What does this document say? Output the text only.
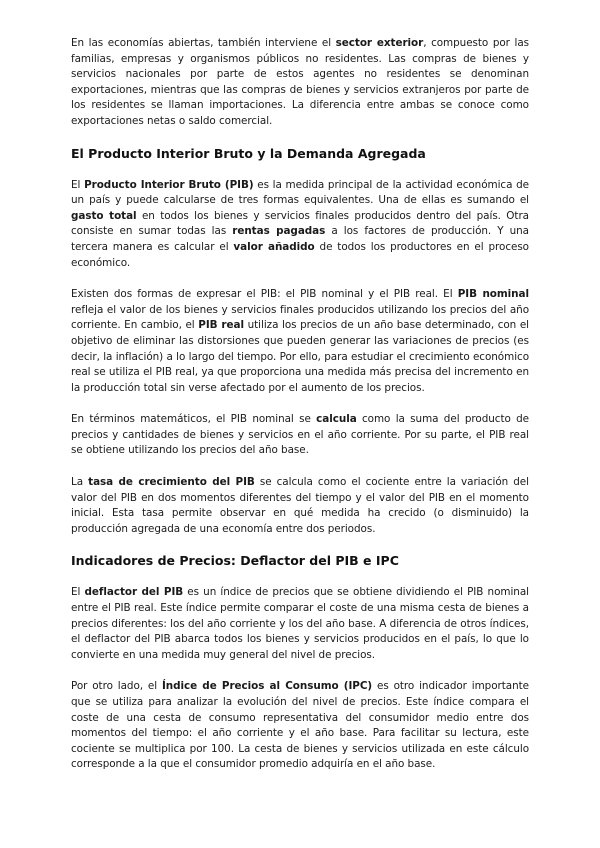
En las economías abiertas, también interviene el sector exterior, compuesto por las familias, empresas y organismos públicos no residentes. Las compras de bienes y servicios nacionales por parte de estos agentes no residentes se denominan exportaciones, mientras que las compras de bienes y servicios extranjeros por parte de los residentes se llaman importaciones. La diferencia entre ambas se conoce como exportaciones netas o saldo comercial.

El Producto Interior Bruto y la Demanda Agregada

El Producto Interior Bruto (PIB) es la medida principal de la actividad económica de un país y puede calcularse de tres formas equivalentes. Una de ellas es sumando el gasto total en todos los bienes y servicios finales producidos dentro del país. Otra consiste en sumar todas las rentas pagadas a los factores de producción. Y una tercera manera es calcular el valor añadido de todos los productores en el proceso económico.

Existen dos formas de expresar el PIB: el PIB nominal y el PIB real. El PIB nominal refleja el valor de los bienes y servicios finales producidos utilizando los precios del año corriente. En cambio, el PIB real utiliza los precios de un año base determinado, con el objetivo de eliminar las distorsiones que pueden generar las variaciones de precios (es decir, la inflación) a lo largo del tiempo. Por ello, para estudiar el crecimiento económico real se utiliza el PIB real, ya que proporciona una medida más precisa del incremento en la producción total sin verse afectado por el aumento de los precios.

En términos matemáticos, el PIB nominal se calcula como la suma del producto de precios y cantidades de bienes y servicios en el año corriente. Por su parte, el PIB real se obtiene utilizando los precios del año base.

La tasa de crecimiento del PIB se calcula como el cociente entre la variación del valor del PIB en dos momentos diferentes del tiempo y el valor del PIB en el momento inicial. Esta tasa permite observar en qué medida ha crecido (o disminuido) la producción agregada de una economía entre dos periodos.

Indicadores de Precios: Deflactor del PIB e IPC

El deflactor del PIB es un índice de precios que se obtiene dividiendo el PIB nominal entre el PIB real. Este índice permite comparar el coste de una misma cesta de bienes a precios diferentes: los del año corriente y los del año base. A diferencia de otros índices, el deflactor del PIB abarca todos los bienes y servicios producidos en el país, lo que lo convierte en una medida muy general del nivel de precios.

Por otro lado, el Índice de Precios al Consumo (IPC) es otro indicador importante que se utiliza para analizar la evolución del nivel de precios. Este índice compara el coste de una cesta de consumo representativa del consumidor medio entre dos momentos del tiempo: el año corriente y el año base. Para facilitar su lectura, este cociente se multiplica por 100. La cesta de bienes y servicios utilizada en este cálculo corresponde a la que el consumidor promedio adquiría en el año base.
